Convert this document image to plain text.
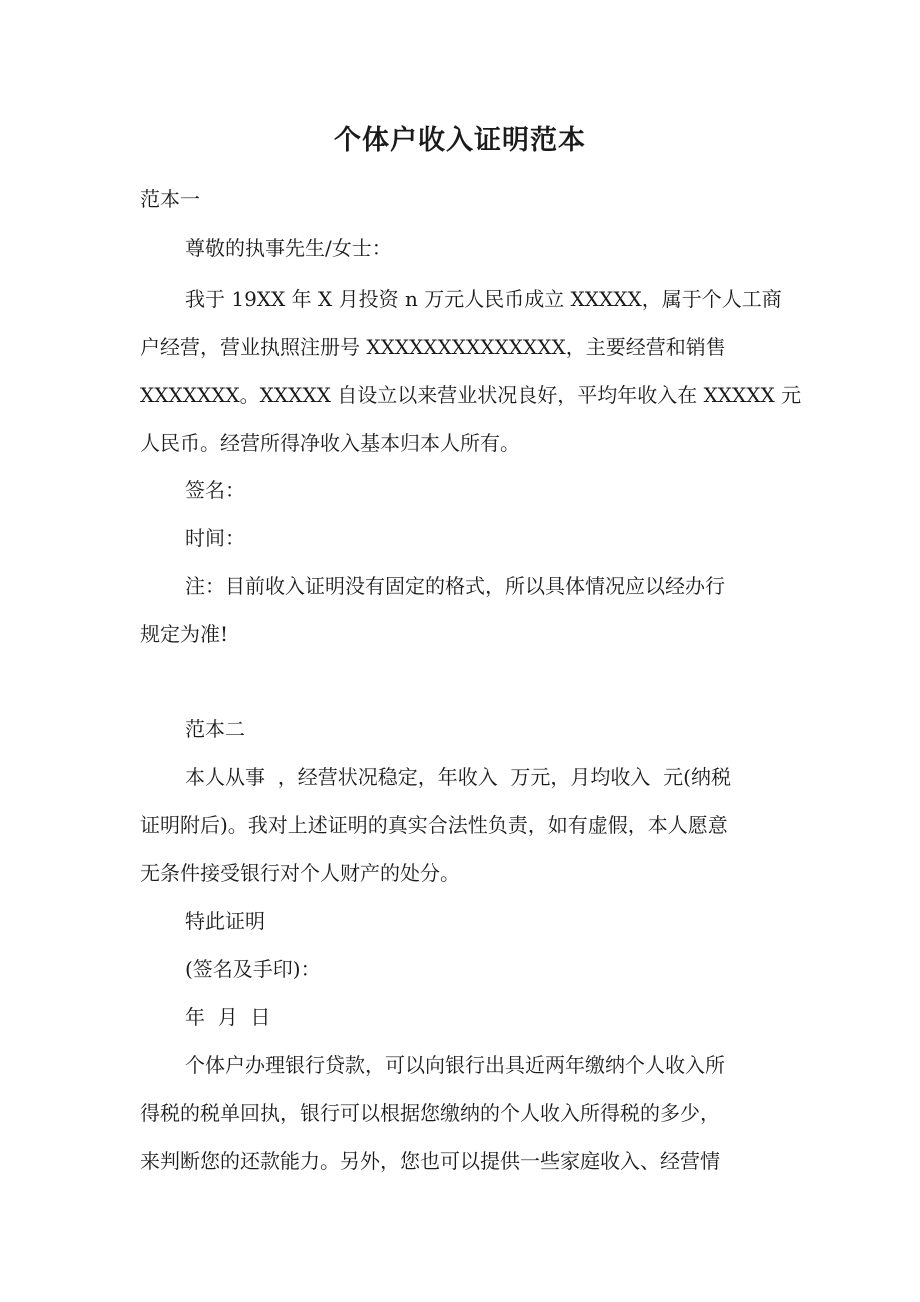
个体户收入证明范本

范本一

尊敬的执事先生/女士：

我于 19XX 年 X 月投资 n 万元人民币成立 XXXXX，属于个人工商

户经营，营业执照注册号 XXXXXXXXXXXXXX，主要经营和销售

XXXXXXX。XXXXX 自设立以来营业状况良好，平均年收入在 XXXXX 元

人民币。经营所得净收入基本归本人所有。

签名：

时间：

注：目前收入证明没有固定的格式，所以具体情况应以经办行

规定为准!

范本二

本人从事  ，经营状况稳定，年收入  万元，月均收入  元(纳税

证明附后)。我对上述证明的真实合法性负责，如有虚假，本人愿意

无条件接受银行对个人财产的处分。

特此证明

(签名及手印)：

年  月  日

个体户办理银行贷款，可以向银行出具近两年缴纳个人收入所

得税的税单回执，银行可以根据您缴纳的个人收入所得税的多少，

来判断您的还款能力。另外，您也可以提供一些家庭收入、经营情
